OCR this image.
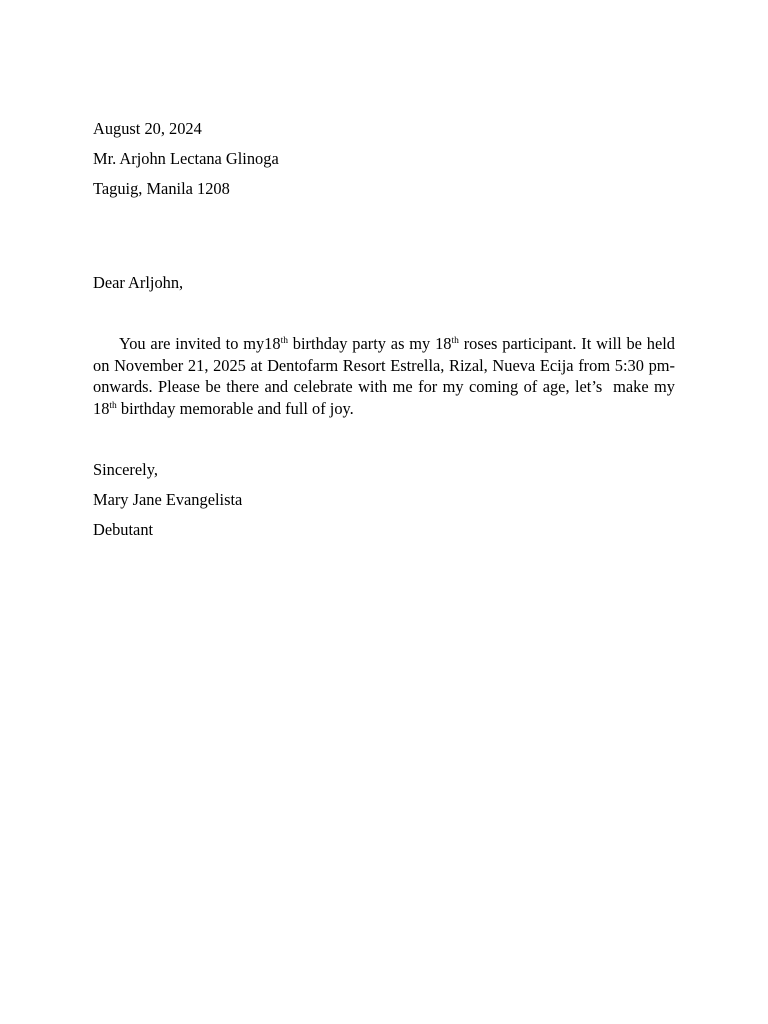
August 20, 2024
Mr. Arjohn Lectana Glinoga
Taguig, Manila 1208
Dear Arljohn,

You are invited to my18th birthday party as my 18th roses participant. It will be held on November 21, 2025 at Dentofarm Resort Estrella, Rizal, Nueva Ecija from 5:30 pm-onwards. Please be there and celebrate with me for my coming of age, let’s  make my 18th birthday memorable and full of joy.

Sincerely,
Mary Jane Evangelista
Debutant
